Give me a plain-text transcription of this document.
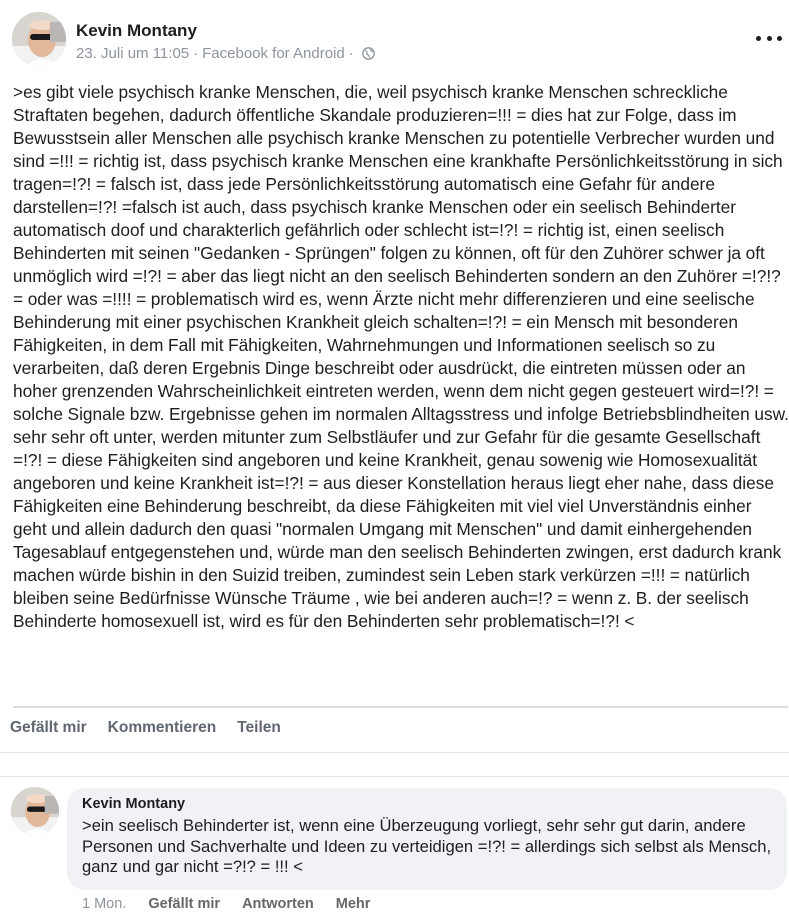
Kevin Montany
23. Juli um 11:05 · Facebook for Android ·
>es gibt viele psychisch kranke Menschen, die, weil psychisch kranke Menschen schreckliche Straftaten begehen, dadurch öffentliche Skandale produzieren=!!! = dies hat zur Folge, dass im Bewusstsein aller Menschen alle psychisch kranke Menschen zu potentielle Verbrecher wurden und sind =!!! = richtig ist, dass psychisch kranke Menschen eine krankhafte Persönlichkeitsstörung in sich tragen=!?! = falsch ist, dass jede Persönlichkeitsstörung automatisch eine Gefahr für andere darstellen=!?! =falsch ist auch, dass psychisch kranke Menschen oder ein seelisch Behinderter automatisch doof und charakterlich gefährlich oder schlecht ist=!?! = richtig ist, einen seelisch Behinderten mit seinen "Gedanken - Sprüngen" folgen zu können, oft für den Zuhörer schwer ja oft unmöglich wird =!?! = aber das liegt nicht an den seelisch Behinderten sondern an den Zuhörer =!?!? = oder was =!!!! = problematisch wird es, wenn Ärzte nicht mehr differenzieren und eine seelische Behinderung mit einer psychischen Krankheit gleich schalten=!?! = ein Mensch mit besonderen Fähigkeiten, in dem Fall mit Fähigkeiten, Wahrnehmungen und Informationen seelisch so zu verarbeiten, daß deren Ergebnis Dinge beschreibt oder ausdrückt, die eintreten müssen oder an hoher grenzenden Wahrscheinlichkeit eintreten werden, wenn dem nicht gegen gesteuert wird=!?! = solche Signale bzw. Ergebnisse gehen im normalen Alltagsstress und infolge Betriebsblindheiten usw. sehr sehr oft unter, werden mitunter zum Selbstläufer und zur Gefahr für die gesamte Gesellschaft =!?! = diese Fähigkeiten sind angeboren und keine Krankheit, genau sowenig wie Homosexualität angeboren und keine Krankheit ist=!?! = aus dieser Konstellation heraus liegt eher nahe, dass diese Fähigkeiten eine Behinderung beschreibt, da diese Fähigkeiten mit viel viel Unverständnis einher geht und allein dadurch den quasi "normalen Umgang mit Menschen" und damit einhergehenden Tagesablauf entgegenstehen und, würde man den seelisch Behinderten zwingen, erst dadurch krank machen würde bishin in den Suizid treiben, zumindest sein Leben stark verkürzen =!!! = natürlich bleiben seine Bedürfnisse Wünsche Träume , wie bei anderen auch=!? = wenn z. B. der seelisch Behinderte homosexuell ist, wird es für den Behinderten sehr problematisch=!?! <
Gefällt mir Kommentieren Teilen
Kevin Montany
>ein seelisch Behinderter ist, wenn eine Überzeugung vorliegt, sehr sehr gut darin, andere Personen und Sachverhalte und Ideen zu verteidigen =!?! = allerdings sich selbst als Mensch, ganz und gar nicht =?!? = !!! <
1 Mon. Gefällt mir Antworten Mehr
